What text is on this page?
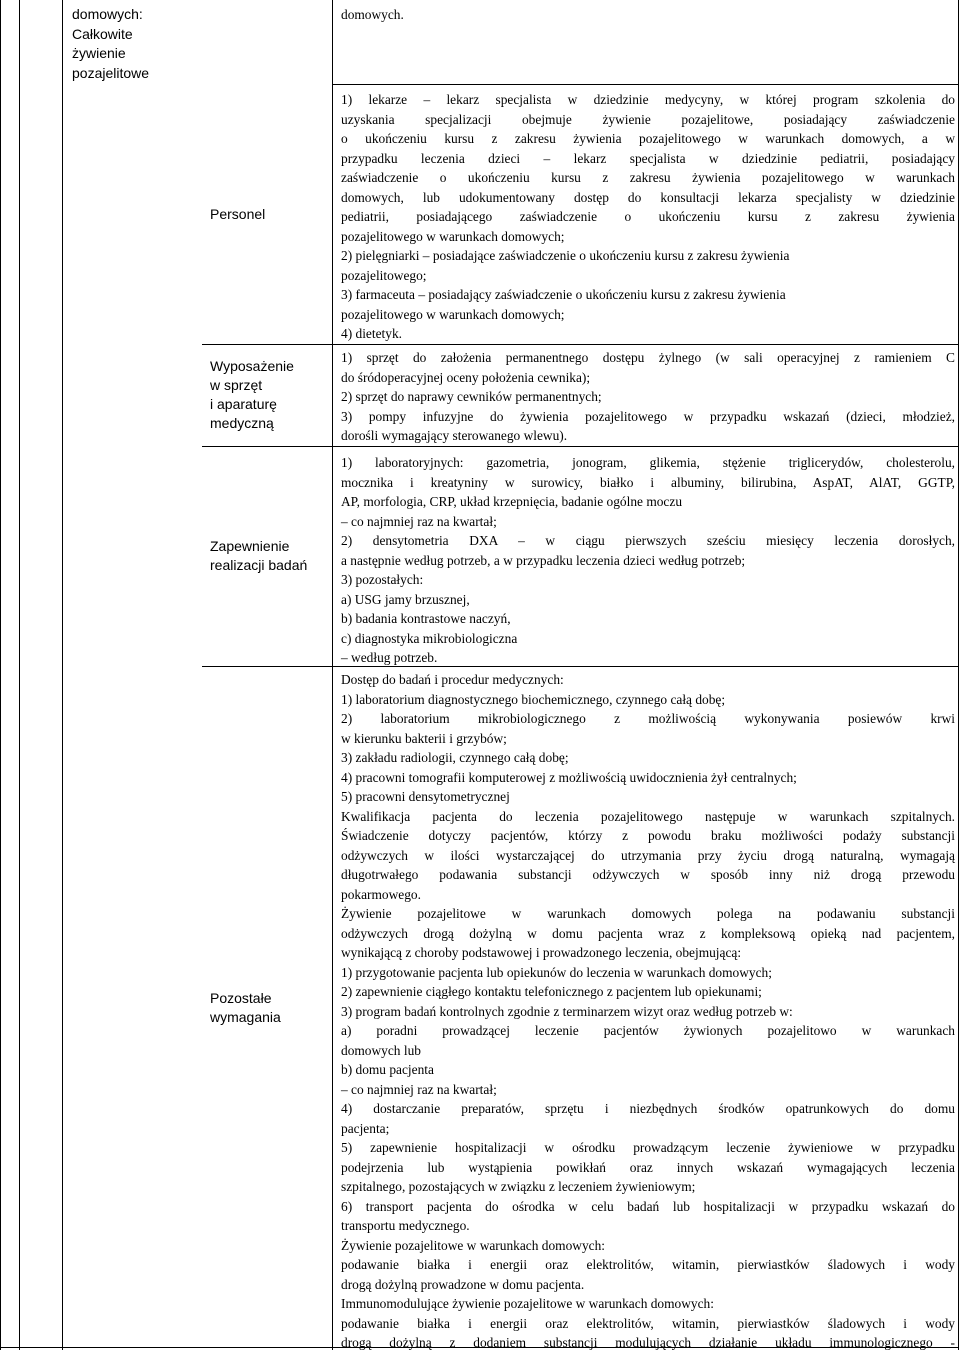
domowych:
Całkowite
żywienie
pozajelitowe
Personel
Wyposażenie
w sprzęt
i aparaturę
medyczną
Zapewnienie
realizacji badań
Pozostałe
wymagania
domowych.
1) lekarze – lekarz specjalista w dziedzinie medycyny, w której program szkolenia do
uzyskania specjalizacji obejmuje żywienie pozajelitowe, posiadający zaświadczenie
o ukończeniu kursu z zakresu żywienia pozajelitowego w warunkach domowych, a w
przypadku leczenia dzieci – lekarz specjalista w dziedzinie pediatrii, posiadający
zaświadczenie o ukończeniu kursu z zakresu żywienia pozajelitowego w warunkach
domowych, lub udokumentowany dostęp do konsultacji lekarza specjalisty w dziedzinie
pediatrii, posiadającego zaświadczenie o ukończeniu kursu z zakresu żywienia
pozajelitowego w warunkach domowych;
2) pielęgniarki – posiadające zaświadczenie o ukończeniu kursu z zakresu żywienia
pozajelitowego;
3) farmaceuta – posiadający zaświadczenie o ukończeniu kursu z zakresu żywienia
pozajelitowego w warunkach domowych;
4) dietetyk.
1) sprzęt do założenia permanentnego dostępu żylnego (w sali operacyjnej z ramieniem C
do śródoperacyjnej oceny położenia cewnika);
2) sprzęt do naprawy cewników permanentnych;
3) pompy infuzyjne do żywienia pozajelitowego w przypadku wskazań (dzieci, młodzież,
dorośli wymagający sterowanego wlewu).
1) laboratoryjnych: gazometria, jonogram, glikemia, stężenie triglicerydów, cholesterolu,
mocznika i kreatyniny w surowicy, białko i albuminy, bilirubina, AspAT, AlAT, GGTP,
AP, morfologia, CRP, układ krzepnięcia, badanie ogólne moczu
– co najmniej raz na kwartał;
2) densytometria DXA – w ciągu pierwszych sześciu miesięcy leczenia dorosłych,
a następnie według potrzeb, a w przypadku leczenia dzieci według potrzeb;
3) pozostałych:
a) USG jamy brzusznej,
b) badania kontrastowe naczyń,
c) diagnostyka mikrobiologiczna
– według potrzeb.
Dostęp do badań i procedur medycznych:
1) laboratorium diagnostycznego biochemicznego, czynnego całą dobę;
2) laboratorium mikrobiologicznego z możliwością wykonywania posiewów krwi
w kierunku bakterii i grzybów;
3) zakładu radiologii, czynnego całą dobę;
4) pracowni tomografii komputerowej z możliwością uwidocznienia żył centralnych;
5) pracowni densytometrycznej
Kwalifikacja pacjenta do leczenia pozajelitowego następuje w warunkach szpitalnych.
Świadczenie dotyczy pacjentów, którzy z powodu braku możliwości podaży substancji
odżywczych w ilości wystarczającej do utrzymania przy życiu drogą naturalną, wymagają
długotrwałego podawania substancji odżywczych w sposób inny niż drogą przewodu
pokarmowego.
Żywienie pozajelitowe w warunkach domowych polega na podawaniu substancji
odżywczych drogą dożylną w domu pacjenta wraz z kompleksową opieką nad pacjentem,
wynikającą z choroby podstawowej i prowadzonego leczenia, obejmującą:
1) przygotowanie pacjenta lub opiekunów do leczenia w warunkach domowych;
2) zapewnienie ciągłego kontaktu telefonicznego z pacjentem lub opiekunami;
3) program badań kontrolnych zgodnie z terminarzem wizyt oraz według potrzeb w:
a) poradni prowadzącej leczenie pacjentów żywionych pozajelitowo w warunkach
domowych lub
b) domu pacjenta
– co najmniej raz na kwartał;
4) dostarczanie preparatów, sprzętu i niezbędnych środków opatrunkowych do domu
pacjenta;
5) zapewnienie hospitalizacji w ośrodku prowadzącym leczenie żywieniowe w przypadku
podejrzenia lub wystąpienia powikłań oraz innych wskazań wymagających leczenia
szpitalnego, pozostających w związku z leczeniem żywieniowym;
6) transport pacjenta do ośrodka w celu badań lub hospitalizacji w przypadku wskazań do
transportu medycznego.
Żywienie pozajelitowe w warunkach domowych:
podawanie białka i energii oraz elektrolitów, witamin, pierwiastków śladowych i wody
drogą dożylną prowadzone w domu pacjenta.
Immunomodulujące żywienie pozajelitowe w warunkach domowych:
podawanie białka i energii oraz elektrolitów, witamin, pierwiastków śladowych i wody
drogą dożylną z dodaniem substancji modulujących działanie układu immunologicznego -
